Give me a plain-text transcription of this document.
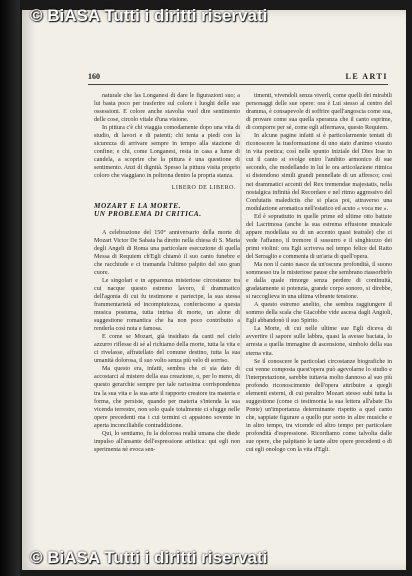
© BiASA Tutti i diritti riservati
160	LE ARTI

naturale che las Longanesi di dare le figurazioni suo; a lui basta poco per trasferire sul colore i luoghi delle sue ossessioni. E colore anche stavolta vuol dire sentimento delle cose, circolo vitale d'una visione.

In pittura c'è chi viaggia comodamente dopo una vita di studio, di lavori e di patenti; chi tenta a piedi con la sicurezza di arrivare sempre in tempo alla stazione di confine; e chi, come Longanesi, resta in casa a lume di candela, a scoprire che la pittura è una questione di sentimento. Anzi di dignità. Spesso la pittura visita proprio coloro che viaggiano in poltrona dentro la propria stanza.

LIBERO DE LIBERO.

MOZART E LA MORTE.
UN PROBLEMA DI CRITICA.

A celebrazione del 150° anniversario della morte di Mozart Victor De Sabata ha diretto nella chiesa di S. Maria degli Angeli di Roma una particolare esecuzione di quella Messa di Requiem ch'Egli chiamò il suo canto funebre e che racchiude e ci tramanda l'ultimo palpito del suo gran cuore.

Le singolari e in apparenza misteriose circostanze tra cui nacque questo estremo lavoro, il drammatico dell'agonia di cui fu testimone e partecipe, la sua stessa frammentarietà ed incompiutezza, conferiscono a questa musica postuma, tutta intrisa di morte, un alone di suggestione romantica che ha non poco contribuito a renderla così nota e famosa.

E come se Mozart, già insidiato da canti nel cielo azzurro riflesse di sé al richiamo della morte, tutta la vita e ci rivelasse, affratellato del comune destino, tutta la sua umanità dolorosa, il suo volto senza più velo di sorriso.

Ma questo era, infatti, sembra che ci sia dato di accostarci al mistero della sua creazione, o, per lo meno, di questo gerarchie sempre per tale rarissima corrispondenza tra la sua vita e la sua arte il rapporto creatore tra materia e forma, che persiste, quando per materia s'intenda la sua vicenda terrestre, non solo quale totalmente ci sfugge nelle opere precedenti ma i cui termini ci appaiono sovente in aperta inconciliabile contraddizione.

Qui, lo sentiamo, fu la dolorosa realtà umana che diede impulso all'ansante dell'espressione artistica: qui egli non sperimenta nè evoca sen-

timenti, vivendoli senza viverli, come quelli dei mirabili personaggi delle sue opere: ora è Lui stesso al centro del dramma, è consapevole di soffrire quell'angoscia come sua, di provare come sua quella speranza che il canto esprime, di comporre per sè, come egli affermava, questo Requiem.

In alcune pagine infatti si è particolarmente tentati di riconoscere la trasformazione di uno stato d'animo vissuto in vita poetica; così nelle spunto iniziale del Dies Irae in cui il canto si svolge entro l'ambito armonico di sue secondo, che modellando in lui le ora articolazione ritmica si distendono simili grandi pennellate di un affresco; così nei drammatici accenti del Rex tremendae majestatis, nella nostalgica infinità del Recordare e nel ritmo aggressivo del Confutatis maledictis che si placa poi, attraverso una modulazione aromatica nell'estatico ed acuto « voca me ».

Ed è soprattutto in quelle prime ed ultime otto battute del Lacrimosa (anche la sua estrema effusione musicale appare modellata su di un accento quasi teatrale) che ci vede l'affanno, il tremore il sussurro e il singhiozzo dei primi violini: ora Egli scriveva nel tempo felice del Ratto del Serraglio e commenta di un'aria di quell'opera.

Ma non il canto nasce da un'oscura profondità, il suono sommesso tra le misteriose pause che sembrano riassorbirlo e dalla quale rimorge senza perdere di continuità, gradatamente si potenzia, grande corpo sonoro, si direbbe, si raccoglieva in una ultima vibrante tensione.

A questo estremo anelito, che sembra raggiungere il sommo della scala che Giacobbe vide ascesa dagli Angioli, Egli abbandonò il suo Spirito.

La Morte, di cui nelle ultime sue Egli diceva di avvertire il sapore sulle labbra, quasi la avesse baciata, lo arresta a quella immagine di ascensione, simbolo della sua eterna vita.

Se il conoscere le particolari circostanze biografiche in cui venne composta quest'opera può agevolarne lo studio e l'interpretazione, sarebbe tuttavia molto dannoso al suo più profondo riconoscimento dell'opera attribuire a quegli elementi esterni, di cui peraltro Mozart stesso subì tutta la suggestione (come ci testimonia la sua lettera all'abate Da Ponte) un'importanza determinante rispetto a quel canto che, sappiate figurare a quello pur sorto in altre musiche e in altro tempo, tra vicende ed altro tempo per particolare profondità d'espressione. Ricordiamo come talvolta dalle sue opere, che palpitano le tante altre opere precedenti o di cui egli onologo con la vita d'Egli.

© BiASA Tutti i diritti riservati
